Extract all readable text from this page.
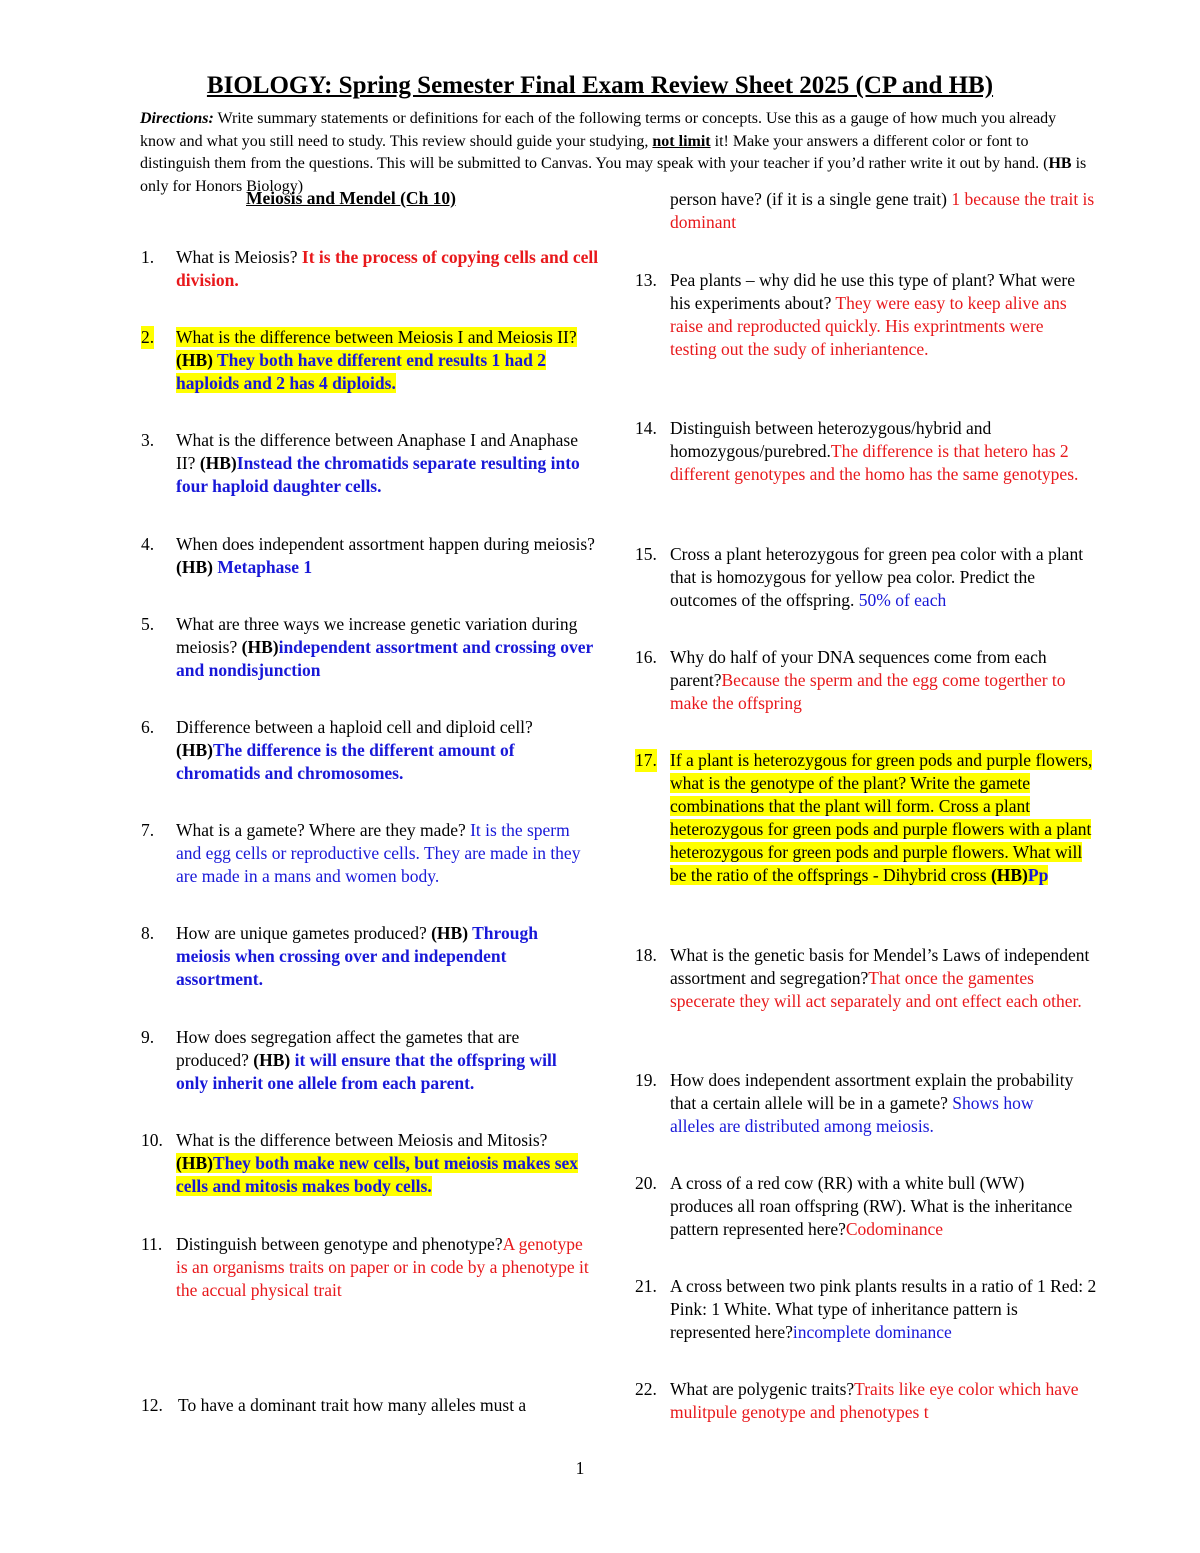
BIOLOGY: Spring Semester Final Exam Review Sheet 2025 (CP and HB)
Directions: Write summary statements or definitions for each of the following terms or concepts. Use this as a gauge of how much you already know and what you still need to study. This review should guide your studying, not limit it! Make your answers a different color or font to distinguish them from the questions. This will be submitted to Canvas. You may speak with your teacher if you’d rather write it out by hand. (HB is only for Honors Biology)
Meiosis and Mendel (Ch 10)
1. What is Meiosis? It is the process of copying cells and cell division.
2. What is the difference between Meiosis I and Meiosis II? (HB) They both have different end results 1 had 2 haploids and 2 has 4 diploids.
3. What is the difference between Anaphase I and Anaphase II? (HB)Instead the chromatids separate resulting into four haploid daughter cells.
4. When does independent assortment happen during meiosis? (HB) Metaphase 1
5. What are three ways we increase genetic variation during meiosis? (HB)independent assortment and crossing over and nondisjunction
6. Difference between a haploid cell and diploid cell? (HB)The difference is the different amount of chromatids and chromosomes.
7. What is a gamete? Where are they made? It is the sperm and egg cells or reproductive cells. They are made in they are made in a mans and women body.
8. How are unique gametes produced? (HB) Through meiosis when crossing over and independent assortment.
9. How does segregation affect the gametes that are produced? (HB) it will ensure that the offspring will only inherit one allele from each parent.
10. What is the difference between Meiosis and Mitosis? (HB)They both make new cells, but meiosis makes sex cells and mitosis makes body cells.
11. Distinguish between genotype and phenotype?A genotype is an organisms traits on paper or in code by a phenotype it the accual physical trait
12. To have a dominant trait how many alleles must a
person have? (if it is a single gene trait) 1 because the trait is dominant
13. Pea plants – why did he use this type of plant? What were his experiments about? They were easy to keep alive ans raise and reproducted quickly. His exprintments were testing out the sudy of inheriantence.
14. Distinguish between heterozygous/hybrid and homozygous/purebred.The difference is that hetero has 2 different genotypes and the homo has the same genotypes.
15. Cross a plant heterozygous for green pea color with a plant that is homozygous for yellow pea color. Predict the outcomes of the offspring. 50% of each
16. Why do half of your DNA sequences come from each parent?Because the sperm and the egg come togerther to make the offspring
17. If a plant is heterozygous for green pods and purple flowers, what is the genotype of the plant? Write the gamete combinations that the plant will form. Cross a plant heterozygous for green pods and purple flowers with a plant heterozygous for green pods and purple flowers. What will be the ratio of the offsprings - Dihybrid cross (HB)Pp
18. What is the genetic basis for Mendel’s Laws of independent assortment and segregation?That once the gamentes specerate they will act separately and ont effect each other.
19. How does independent assortment explain the probability that a certain allele will be in a gamete? Shows how alleles are distributed among meiosis.
20. A cross of a red cow (RR) with a white bull (WW) produces all roan offspring (RW). What is the inheritance pattern represented here?Codominance
21. A cross between two pink plants results in a ratio of 1 Red: 2 Pink: 1 White. What type of inheritance pattern is represented here?incomplete dominance
22. What are polygenic traits?Traits like eye color which have mulitpule genotype and phenotypes t
1
